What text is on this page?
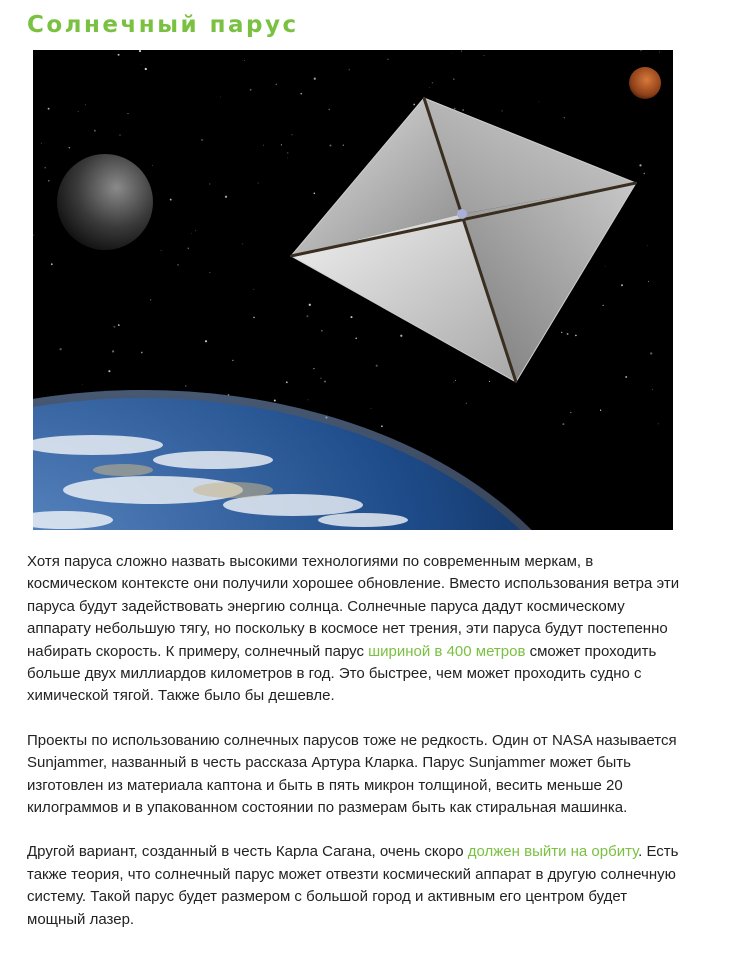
Солнечный парус

Хотя паруса сложно назвать высокими технологиями по современным меркам, в космическом контексте они получили хорошее обновление. Вместо использования ветра эти паруса будут задействовать энергию солнца. Солнечные паруса дадут космическому аппарату небольшую тягу, но поскольку в космосе нет трения, эти паруса будут постепенно набирать скорость. К примеру, солнечный парус шириной в 400 метров сможет проходить больше двух миллиардов километров в год. Это быстрее, чем может проходить судно с химической тягой. Также было бы дешевле.

Проекты по использованию солнечных парусов тоже не редкость. Один от NASA называется Sunjammer, названный в честь рассказа Артура Кларка. Парус Sunjammer может быть изготовлен из материала каптона и быть в пять микрон толщиной, весить меньше 20 килограммов и в упакованном состоянии по размерам быть как стиральная машинка.

Другой вариант, созданный в честь Карла Сагана, очень скоро должен выйти на орбиту. Есть также теория, что солнечный парус может отвезти космический аппарат в другую солнечную систему. Такой парус будет размером с большой город и активным его центром будет мощный лазер.
